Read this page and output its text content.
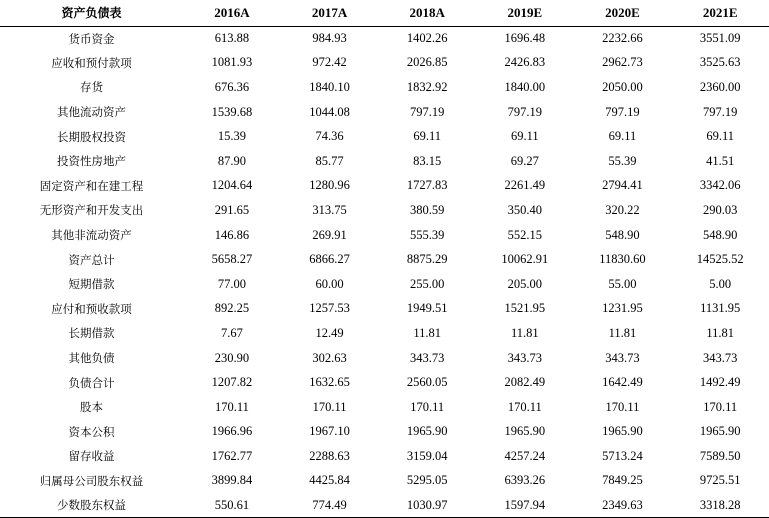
资产负债表	2016A	2017A	2018A	2019E	2020E	2021E
货币资金	613.88	984.93	1402.26	1696.48	2232.66	3551.09
应收和预付款项	1081.93	972.42	2026.85	2426.83	2962.73	3525.63
存货	676.36	1840.10	1832.92	1840.00	2050.00	2360.00
其他流动资产	1539.68	1044.08	797.19	797.19	797.19	797.19
长期股权投资	15.39	74.36	69.11	69.11	69.11	69.11
投资性房地产	87.90	85.77	83.15	69.27	55.39	41.51
固定资产和在建工程	1204.64	1280.96	1727.83	2261.49	2794.41	3342.06
无形资产和开发支出	291.65	313.75	380.59	350.40	320.22	290.03
其他非流动资产	146.86	269.91	555.39	552.15	548.90	548.90
资产总计	5658.27	6866.27	8875.29	10062.91	11830.60	14525.52
短期借款	77.00	60.00	255.00	205.00	55.00	5.00
应付和预收款项	892.25	1257.53	1949.51	1521.95	1231.95	1131.95
长期借款	7.67	12.49	11.81	11.81	11.81	11.81
其他负债	230.90	302.63	343.73	343.73	343.73	343.73
负债合计	1207.82	1632.65	2560.05	2082.49	1642.49	1492.49
股本	170.11	170.11	170.11	170.11	170.11	170.11
资本公积	1966.96	1967.10	1965.90	1965.90	1965.90	1965.90
留存收益	1762.77	2288.63	3159.04	4257.24	5713.24	7589.50
归属母公司股东权益	3899.84	4425.84	5295.05	6393.26	7849.25	9725.51
少数股东权益	550.61	774.49	1030.97	1597.94	2349.63	3318.28
